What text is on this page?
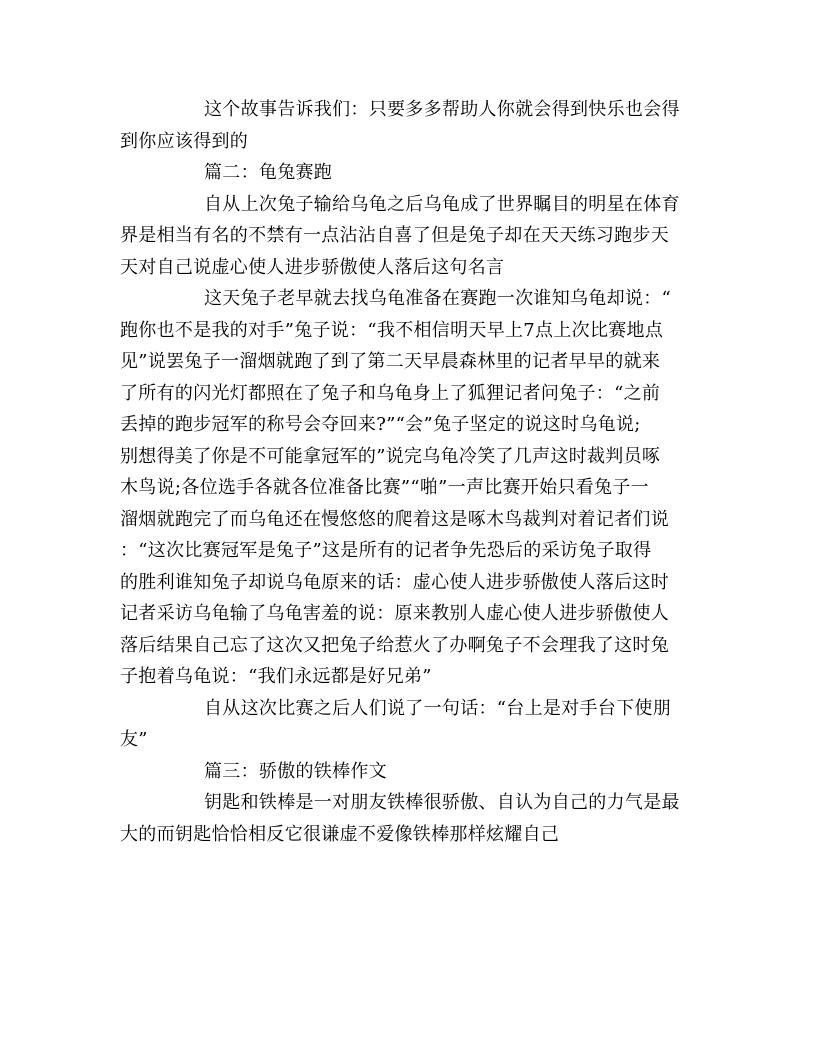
这个故事告诉我们：只要多多帮助人你就会得到快乐也会得
到你应该得到的
篇二：龟兔赛跑
自从上次兔子输给乌龟之后乌龟成了世界瞩目的明星在体育
界是相当有名的不禁有一点沾沾自喜了但是兔子却在天天练习跑步天
天对自己说虚心使人进步骄傲使人落后这句名言
这天兔子老早就去找乌龟准备在赛跑一次谁知乌龟却说：“
跑你也不是我的对手”兔子说：“我不相信明天早上7点上次比赛地点
见”说罢兔子一溜烟就跑了到了第二天早晨森林里的记者早早的就来
了所有的闪光灯都照在了兔子和乌龟身上了狐狸记者问兔子：“之前
丢掉的跑步冠军的称号会夺回来?”“会”兔子坚定的说这时乌龟说;
别想得美了你是不可能拿冠军的”说完乌龟冷笑了几声这时裁判员啄
木鸟说;各位选手各就各位准备比赛”“啪”一声比赛开始只看兔子一
溜烟就跑完了而乌龟还在慢悠悠的爬着这是啄木鸟裁判对着记者们说
：“这次比赛冠军是兔子”这是所有的记者争先恐后的采访兔子取得
的胜利谁知兔子却说乌龟原来的话：虚心使人进步骄傲使人落后这时
记者采访乌龟输了乌龟害羞的说：原来教别人虚心使人进步骄傲使人
落后结果自己忘了这次又把兔子给惹火了办啊兔子不会理我了这时兔
子抱着乌龟说：“我们永远都是好兄弟”
自从这次比赛之后人们说了一句话：“台上是对手台下使朋
友”
篇三：骄傲的铁棒作文
钥匙和铁棒是一对朋友铁棒很骄傲、自认为自己的力气是最
大的而钥匙恰恰相反它很谦虚不爱像铁棒那样炫耀自己
